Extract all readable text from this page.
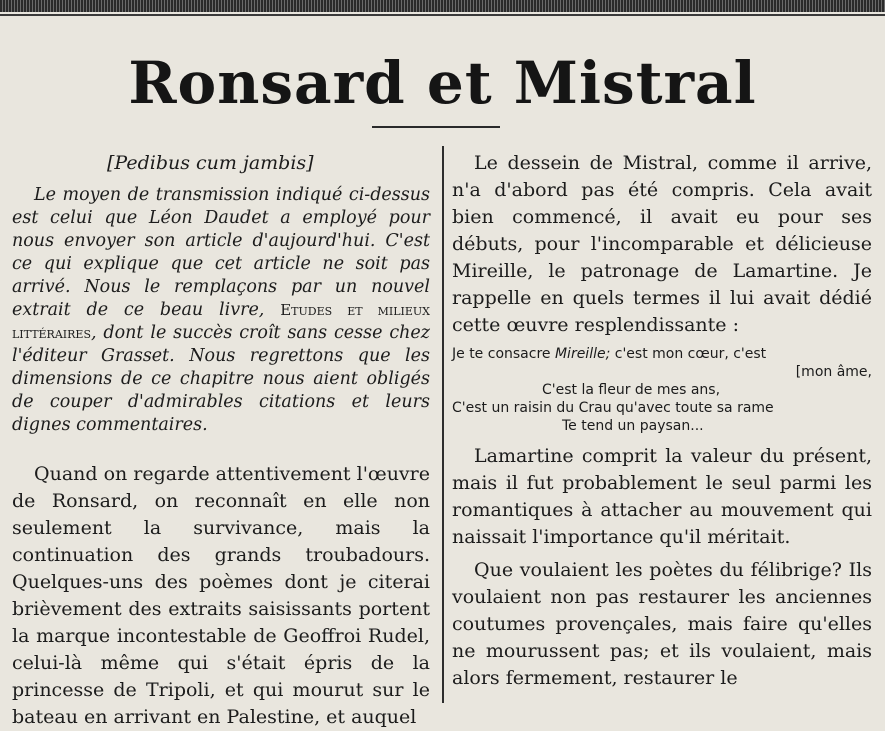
Ronsard et Mistral

[Pedibus cum jambis]

Le moyen de transmission indiqué ci-dessus est celui que Léon Daudet a employé pour nous envoyer son article d'aujourd'hui. C'est ce qui explique que cet article ne soit pas arrivé. Nous le remplaçons par un nouvel extrait de ce beau livre, Etudes et milieux littéraires, dont le succès croît sans cesse chez l'éditeur Grasset. Nous regrettons que les dimensions de ce chapitre nous aient obligés de couper d'admirables citations et leurs dignes commentaires.

Quand on regarde attentivement l'œuvre de Ronsard, on reconnaît en elle non seulement la survivance, mais la continuation des grands troubadours. Quelques-uns des poèmes dont je citerai brièvement des extraits saisissants portent la marque incontestable de Geoffroi Rudel, celui-là même qui s'était épris de la princesse de Tripoli, et qui mourut sur le bateau en arrivant en Palestine, et auquel

Le dessein de Mistral, comme il arrive, n'a d'abord pas été compris. Cela avait bien commencé, il avait eu pour ses débuts, pour l'incomparable et délicieuse Mireille, le patronage de Lamartine. Je rappelle en quels termes il lui avait dédié cette œuvre resplendissante :

Je te consacre Mireille; c'est mon cœur, c'est
[mon âme,
C'est la fleur de mes ans,
C'est un raisin du Crau qu'avec toute sa rame
Te tend un paysan...

Lamartine comprit la valeur du présent, mais il fut probablement le seul parmi les romantiques à attacher au mouvement qui naissait l'importance qu'il méritait.

Que voulaient les poètes du félibrige? Ils voulaient non pas restaurer les anciennes coutumes provençales, mais faire qu'elles ne mourussent pas; et ils voulaient, mais alors fermement, restaurer le
